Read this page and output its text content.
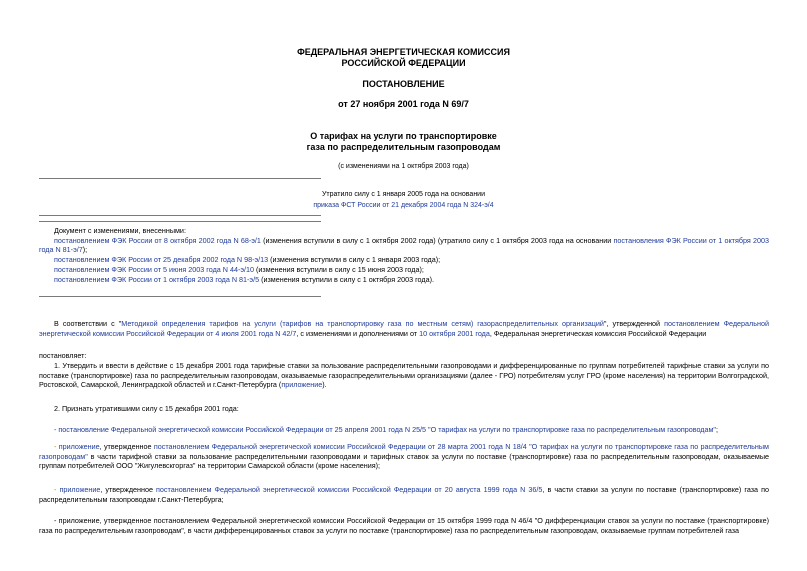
ФЕДЕРАЛЬНАЯ ЭНЕРГЕТИЧЕСКАЯ КОМИССИЯ
РОССИЙСКОЙ ФЕДЕРАЦИИ
ПОСТАНОВЛЕНИЕ
от 27 ноября 2001 года N 69/7
О тарифах на услуги по транспортировке
газа по распределительным газопроводам
(с изменениями на 1 октября 2003 года)
Утратило силу с 1 января 2005 года на основании
приказа ФСТ России от 21 декабря 2004 года N 324-э/4

Документ с изменениями, внесенными:

постановлением ФЭК России от 8 октября 2002 года N 68-э/1 (изменения вступили в силу с 1 октября 2002 года) (утратило силу с 1 октября 2003 года на основании постановления ФЭК России от 1 октября 2003 года N 81-э/7);

постановлением ФЭК России от 25 декабря 2002 года N 98-э/13 (изменения вступили в силу с 1 января 2003 года);

постановлением ФЭК России от 5 июня 2003 года N 44-э/10 (изменения вступили в силу с 15 июня 2003 года);

постановлением ФЭК России от 1 октября 2003 года N 81-э/5 (изменения вступили в силу с 1 октября 2003 года).

В соответствии с "Методикой определения тарифов на услуги (тарифов на транспортировку газа по местным сетям) газораспределительных организаций", утвержденной постановлением Федеральной энергетической комиссии Российской Федерации от 4 июля 2001 года N 42/7, с изменениями и дополнениями от 10 октября 2001 года, Федеральная энергетическая комиссия Российской Федерации

постановляет:

1. Утвердить и ввести в действие с 15 декабря 2001 года тарифные ставки за пользование распределительными газопроводами и дифференцированные по группам потребителей тарифные ставки за услуги по поставке (транспортировке) газа по распределительным газопроводам, оказываемые газораспределительными организациями (далее - ГРО) потребителям услуг ГРО (кроме населения) на территории Волгоградской, Ростовской, Самарской, Ленинградской областей и г.Санкт-Петербурга (приложение).

2. Признать утратившими силу с 15 декабря 2001 года:

- постановление Федеральной энергетической комиссии Российской Федерации от 25 апреля 2001 года N 25/5 "О тарифах на услуги по транспортировке газа по распределительным газопроводам";

- приложение, утвержденное постановлением Федеральной энергетической комиссии Российской Федерации от 28 марта 2001 года N 18/4 "О тарифах на услуги по транспортировке газа по распределительным газопроводам" в части тарифной ставки за пользование распределительными газопроводами и тарифных ставок за услуги по поставке (транспортировке) газа по распределительным газопроводам, оказываемые группам потребителей ООО "Жигулевскгоргаз" на территории Самарской области (кроме населения);

- приложение, утвержденное постановлением Федеральной энергетической комиссии Российской Федерации от 20 августа 1999 года N 36/5, в части ставки за услуги по поставке (транспортировке) газа по распределительным газопроводам г.Санкт-Петербурга;

- приложение, утвержденное постановлением Федеральной энергетической комиссии Российской Федерации от 15 октября 1999 года N 46/4 "О дифференциации ставок за услуги по поставке (транспортировке) газа по распределительным газопроводам", в части дифференцированных ставок за услуги по поставке (транспортировке) газа по распределительным газопроводам, оказываемые группам потребителей газа
